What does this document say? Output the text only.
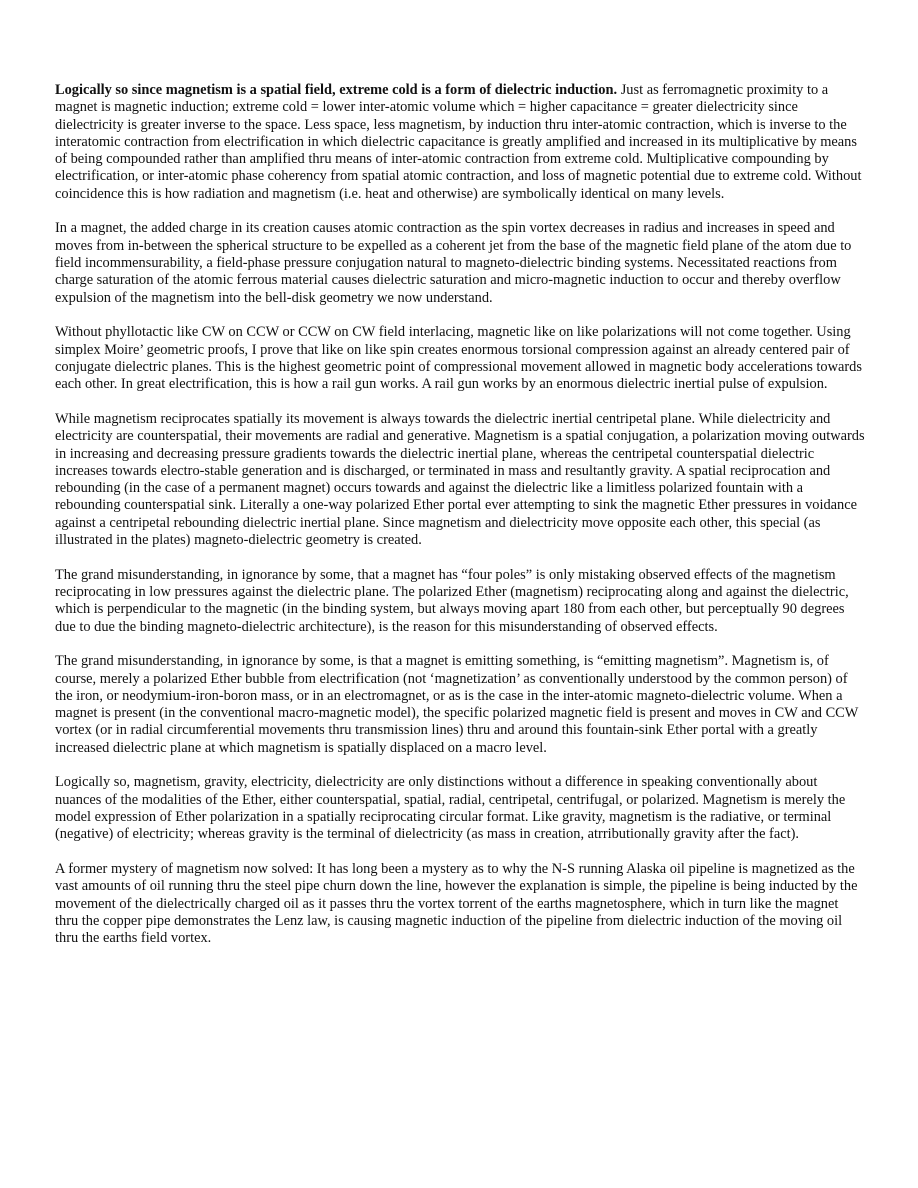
Logically so since magnetism is a spatial field, extreme cold is a form of dielectric induction. Just as ferromagnetic proximity to a magnet is magnetic induction; extreme cold = lower inter-atomic volume which = higher capacitance = greater dielectricity since dielectricity is greater inverse to the space. Less space, less magnetism, by induction thru inter-atomic contraction, which is inverse to the interatomic contraction from electrification in which dielectric capacitance is greatly amplified and increased in its multiplicative by means of being compounded rather than amplified thru means of inter-atomic contraction from extreme cold. Multiplicative compounding by electrification, or inter-atomic phase coherency from spatial atomic contraction, and loss of magnetic potential due to extreme cold. Without coincidence this is how radiation and magnetism (i.e. heat and otherwise) are symbolically identical on many levels.

In a magnet, the added charge in its creation causes atomic contraction as the spin vortex decreases in radius and increases in speed and moves from in-between the spherical structure to be expelled as a coherent jet from the base of the magnetic field plane of the atom due to field incommensurability, a field-phase pressure conjugation natural to magneto-dielectric binding systems. Necessitated reactions from charge saturation of the atomic ferrous material causes dielectric saturation and micro-magnetic induction to occur and thereby overflow expulsion of the magnetism into the bell-disk geometry we now understand.

Without phyllotactic like CW on CCW or CCW on CW field interlacing, magnetic like on like polarizations will not come together. Using simplex Moire’ geometric proofs, I prove that like on like spin creates enormous torsional compression against an already centered pair of conjugate dielectric planes. This is the highest geometric point of compressional movement allowed in magnetic body accelerations towards each other. In great electrification, this is how a rail gun works. A rail gun works by an enormous dielectric inertial pulse of expulsion.

While magnetism reciprocates spatially its movement is always towards the dielectric inertial centripetal plane. While dielectricity and electricity are counterspatial, their movements are radial and generative. Magnetism is a spatial conjugation, a polarization moving outwards in increasing and decreasing pressure gradients towards the dielectric inertial plane, whereas the centripetal counterspatial dielectric increases towards electro-stable generation and is discharged, or terminated in mass and resultantly gravity. A spatial reciprocation and rebounding (in the case of a permanent magnet) occurs towards and against the dielectric like a limitless polarized fountain with a rebounding counterspatial sink. Literally a one-way polarized Ether portal ever attempting to sink the magnetic Ether pressures in voidance against a centripetal rebounding dielectric inertial plane. Since magnetism and dielectricity move opposite each other, this special (as illustrated in the plates) magneto-dielectric geometry is created.

The grand misunderstanding, in ignorance by some, that a magnet has “four poles” is only mistaking observed effects of the magnetism reciprocating in low pressures against the dielectric plane. The polarized Ether (magnetism) reciprocating along and against the dielectric, which is perpendicular to the magnetic (in the binding system, but always moving apart 180 from each other, but perceptually 90 degrees due to due the binding magneto-dielectric architecture), is the reason for this misunderstanding of observed effects.

The grand misunderstanding, in ignorance by some, is that a magnet is emitting something, is “emitting magnetism”. Magnetism is, of course, merely a polarized Ether bubble from electrification (not ‘magnetization’ as conventionally understood by the common person) of the iron, or neodymium-iron-boron mass, or in an electromagnet, or as is the case in the inter-atomic magneto-dielectric volume. When a magnet is present (in the conventional macro-magnetic model), the specific polarized magnetic field is present and moves in CW and CCW vortex (or in radial circumferential movements thru transmission lines) thru and around this fountain-sink Ether portal with a greatly increased dielectric plane at which magnetism is spatially displaced on a macro level.

Logically so, magnetism, gravity, electricity, dielectricity are only distinctions without a difference in speaking conventionally about nuances of the modalities of the Ether, either counterspatial, spatial, radial, centripetal, centrifugal, or polarized. Magnetism is merely the model expression of Ether polarization in a spatially reciprocating circular format. Like gravity, magnetism is the radiative, or terminal (negative) of electricity; whereas gravity is the terminal of dielectricity (as mass in creation, atrributionally gravity after the fact).

A former mystery of magnetism now solved: It has long been a mystery as to why the N-S running Alaska oil pipeline is magnetized as the vast amounts of oil running thru the steel pipe churn down the line, however the explanation is simple, the pipeline is being inducted by the movement of the dielectrically charged oil as it passes thru the vortex torrent of the earths magnetosphere, which in turn like the magnet thru the copper pipe demonstrates the Lenz law, is causing magnetic induction of the pipeline from dielectric induction of the moving oil thru the earths field vortex.
